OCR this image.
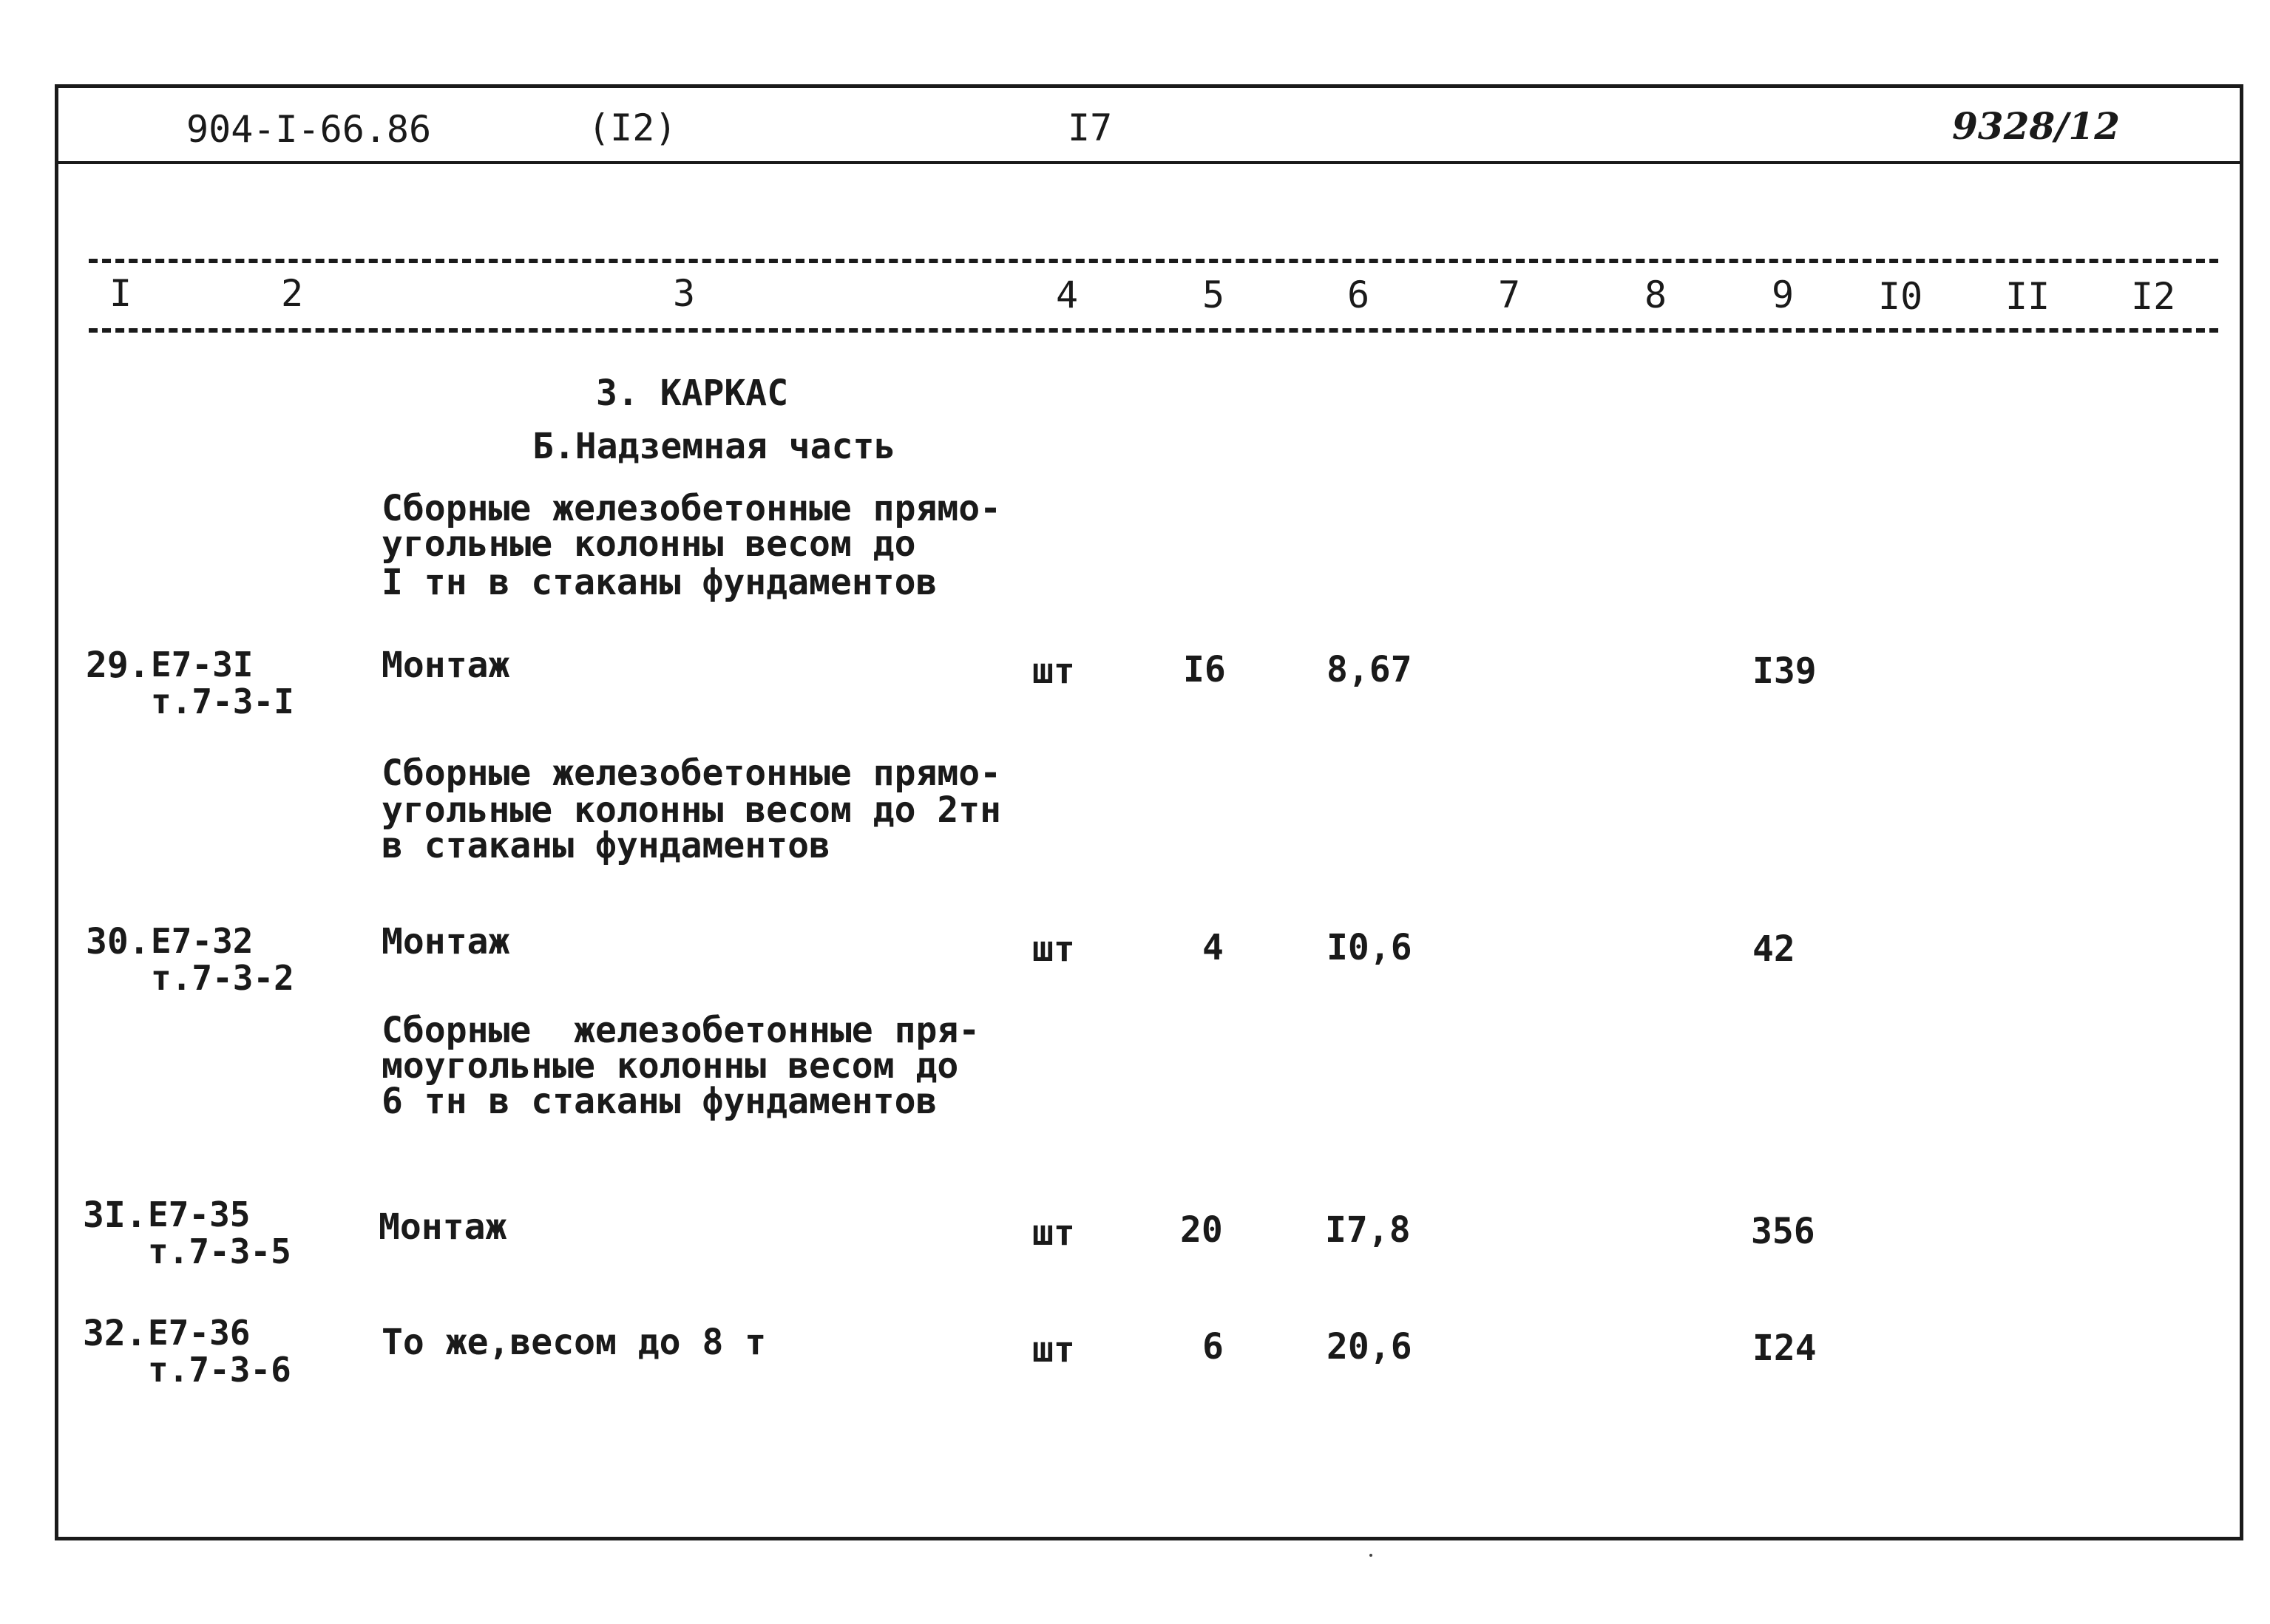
904-I-66.86	(I2)	I7	9328/12
I	2	3	4	5	6	7	8	9 I0 II I2
3. КАРКАС
Б.Надземная часть
Сборные железобетонные прямо-
угольные колонны весом до
I тн в стаканы фундаментов
29. Е7-3I
т.7-3-I
Монтаж	шт	I6	8,67	I39
Сборные железобетонные прямо-
угольные колонны весом до 2тн
в стаканы фундаментов
30. Е7-32
т.7-3-2
Монтаж	шт	4	I0,6	42
Сборные  железобетонные пря-
моугольные колонны весом до
6 тн в стаканы фундаментов
3I. Е7-35
т.7-3-5
Монтаж	шт	20	I7,8	356
32. Е7-36
т.7-3-6
То же,весом до 8 т	шт	6	20,6	I24
